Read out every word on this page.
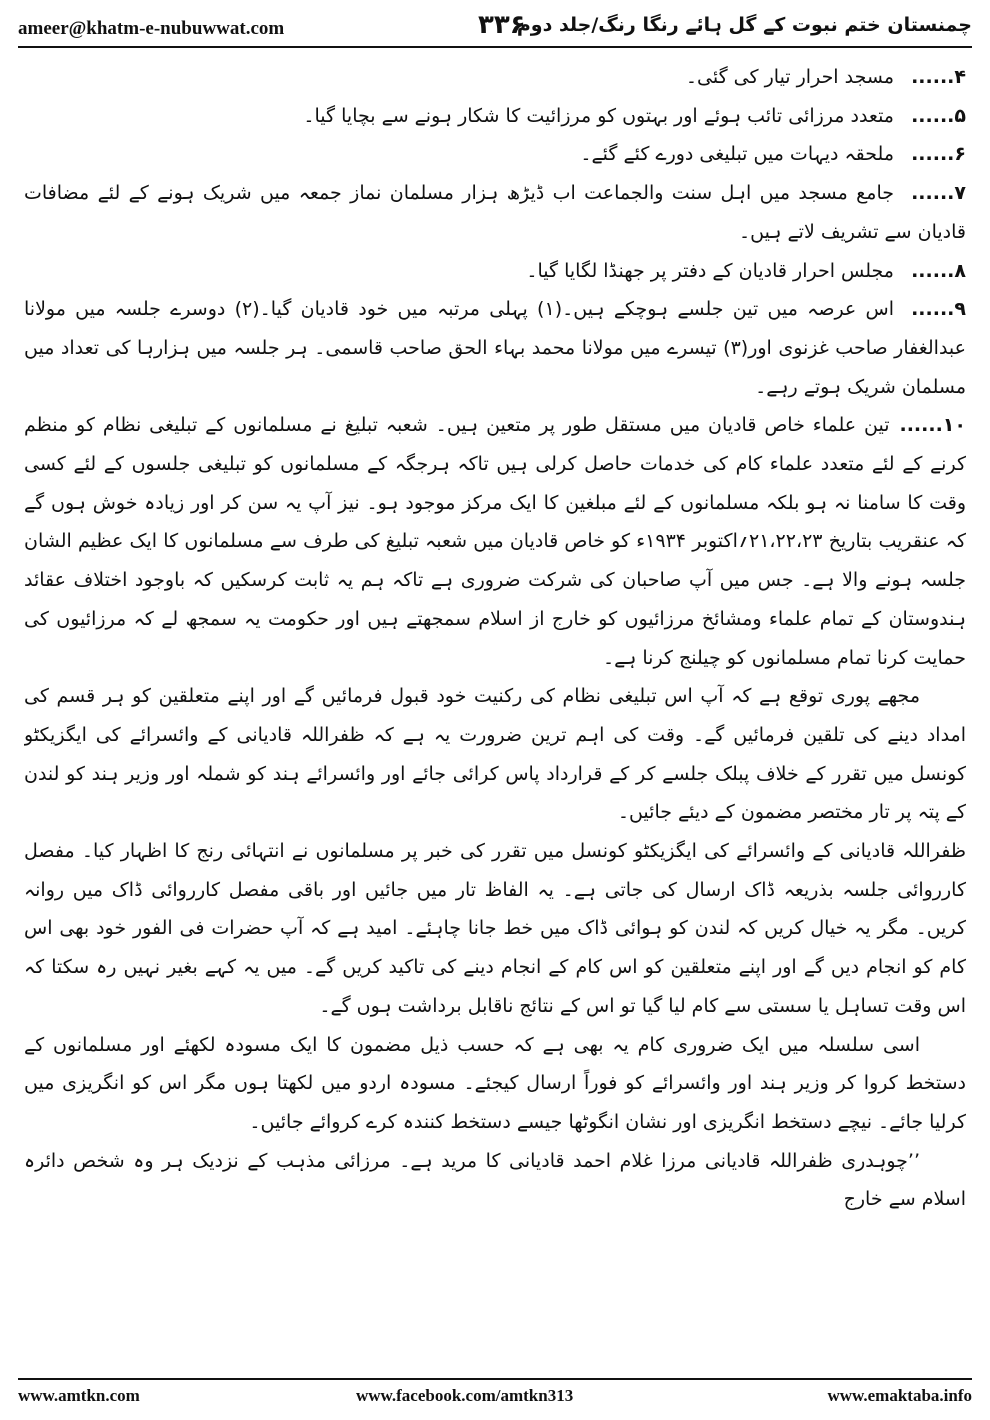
ameer@khatm-e-nubuwwat.com	۳۳۶
چمنستان ختم نبوت کے گل ہائے رنگا رنگ/جلد دوم

۴......مسجد احرار تیار کی گئی۔

۵......متعدد مرزائی تائب ہوئے اور بہتوں کو مرزائیت کا شکار ہونے سے بچایا گیا۔

۶......ملحقہ دیہات میں تبلیغی دورے کئے گئے۔

۷......جامع مسجد میں اہل سنت والجماعت اب ڈیڑھ ہزار مسلمان نماز جمعہ میں شریک ہونے کے لئے مضافات قادیان سے تشریف لاتے ہیں۔

۸......مجلس احرار قادیان کے دفتر پر جھنڈا لگایا گیا۔

۹......اس عرصہ میں تین جلسے ہوچکے ہیں۔(۱) پہلی مرتبہ میں خود قادیان گیا۔(۲) دوسرے جلسہ میں مولانا عبدالغفار صاحب غزنوی اور(۳) تیسرے میں مولانا محمد بہاء الحق صاحب قاسمی۔ ہر جلسہ میں ہزارہا کی تعداد میں مسلمان شریک ہوتے رہے۔

۱۰......تین علماء خاص قادیان میں مستقل طور پر متعین ہیں۔ شعبہ تبلیغ نے مسلمانوں کے تبلیغی نظام کو منظم کرنے کے لئے متعدد علماء کام کی خدمات حاصل کرلی ہیں تاکہ ہرجگہ کے مسلمانوں کو تبلیغی جلسوں کے لئے کسی وقت کا سامنا نہ ہو بلکہ مسلمانوں کے لئے مبلغین کا ایک مرکز موجود ہو۔ نیز آپ یہ سن کر اور زیادہ خوش ہوں گے کہ عنقریب بتاریخ ۲۱،۲۲،۲۳؍اکتوبر ۱۹۳۴ء کو خاص قادیان میں شعبہ تبلیغ کی طرف سے مسلمانوں کا ایک عظیم الشان جلسہ ہونے والا ہے۔ جس میں آپ صاحبان کی شرکت ضروری ہے تاکہ ہم یہ ثابت کرسکیں کہ باوجود اختلاف عقائد ہندوستان کے تمام علماء ومشائخ مرزائیوں کو خارج از اسلام سمجھتے ہیں اور حکومت یہ سمجھ لے کہ مرزائیوں کی حمایت کرنا تمام مسلمانوں کو چیلنج کرنا ہے۔

مجھے پوری توقع ہے کہ آپ اس تبلیغی نظام کی رکنیت خود قبول فرمائیں گے اور اپنے متعلقین کو ہر قسم کی امداد دینے کی تلقین فرمائیں گے۔ وقت کی اہم ترین ضرورت یہ ہے کہ ظفراللہ قادیانی کے وائسرائے کی ایگزیکٹو کونسل میں تقرر کے خلاف پبلک جلسے کر کے قرارداد پاس کرائی جائے اور وائسرائے ہند کو شملہ اور وزیر ہند کو لندن کے پتہ پر تار مختصر مضمون کے دیئے جائیں۔

ظفراللہ قادیانی کے وائسرائے کی ایگزیکٹو کونسل میں تقرر کی خبر پر مسلمانوں نے انتہائی رنج کا اظہار کیا۔ مفصل کارروائی جلسہ بذریعہ ڈاک ارسال کی جاتی ہے۔ یہ الفاظ تار میں جائیں اور باقی مفصل کارروائی ڈاک میں روانہ کریں۔ مگر یہ خیال کریں کہ لندن کو ہوائی ڈاک میں خط جانا چاہئے۔ امید ہے کہ آپ حضرات فی الفور خود بھی اس کام کو انجام دیں گے اور اپنے متعلقین کو اس کام کے انجام دینے کی تاکید کریں گے۔ میں یہ کہے بغیر نہیں رہ سکتا کہ اس وقت تساہل یا سستی سے کام لیا گیا تو اس کے نتائج ناقابل برداشت ہوں گے۔

اسی سلسلہ میں ایک ضروری کام یہ بھی ہے کہ حسب ذیل مضمون کا ایک مسودہ لکھئے اور مسلمانوں کے دستخط کروا کر وزیر ہند اور وائسرائے کو فوراً ارسال کیجئے۔ مسودہ اردو میں لکھتا ہوں مگر اس کو انگریزی میں کرلیا جائے۔ نیچے دستخط انگریزی اور نشان انگوٹھا جیسے دستخط کنندہ کرے کروائے جائیں۔

’’چوہدری ظفراللہ قادیانی مرزا غلام احمد قادیانی کا مرید ہے۔ مرزائی مذہب کے نزدیک ہر وہ شخص دائرہ اسلام سے خارج

www.amtkn.com	www.facebook.com/amtkn313	www.emaktaba.info
